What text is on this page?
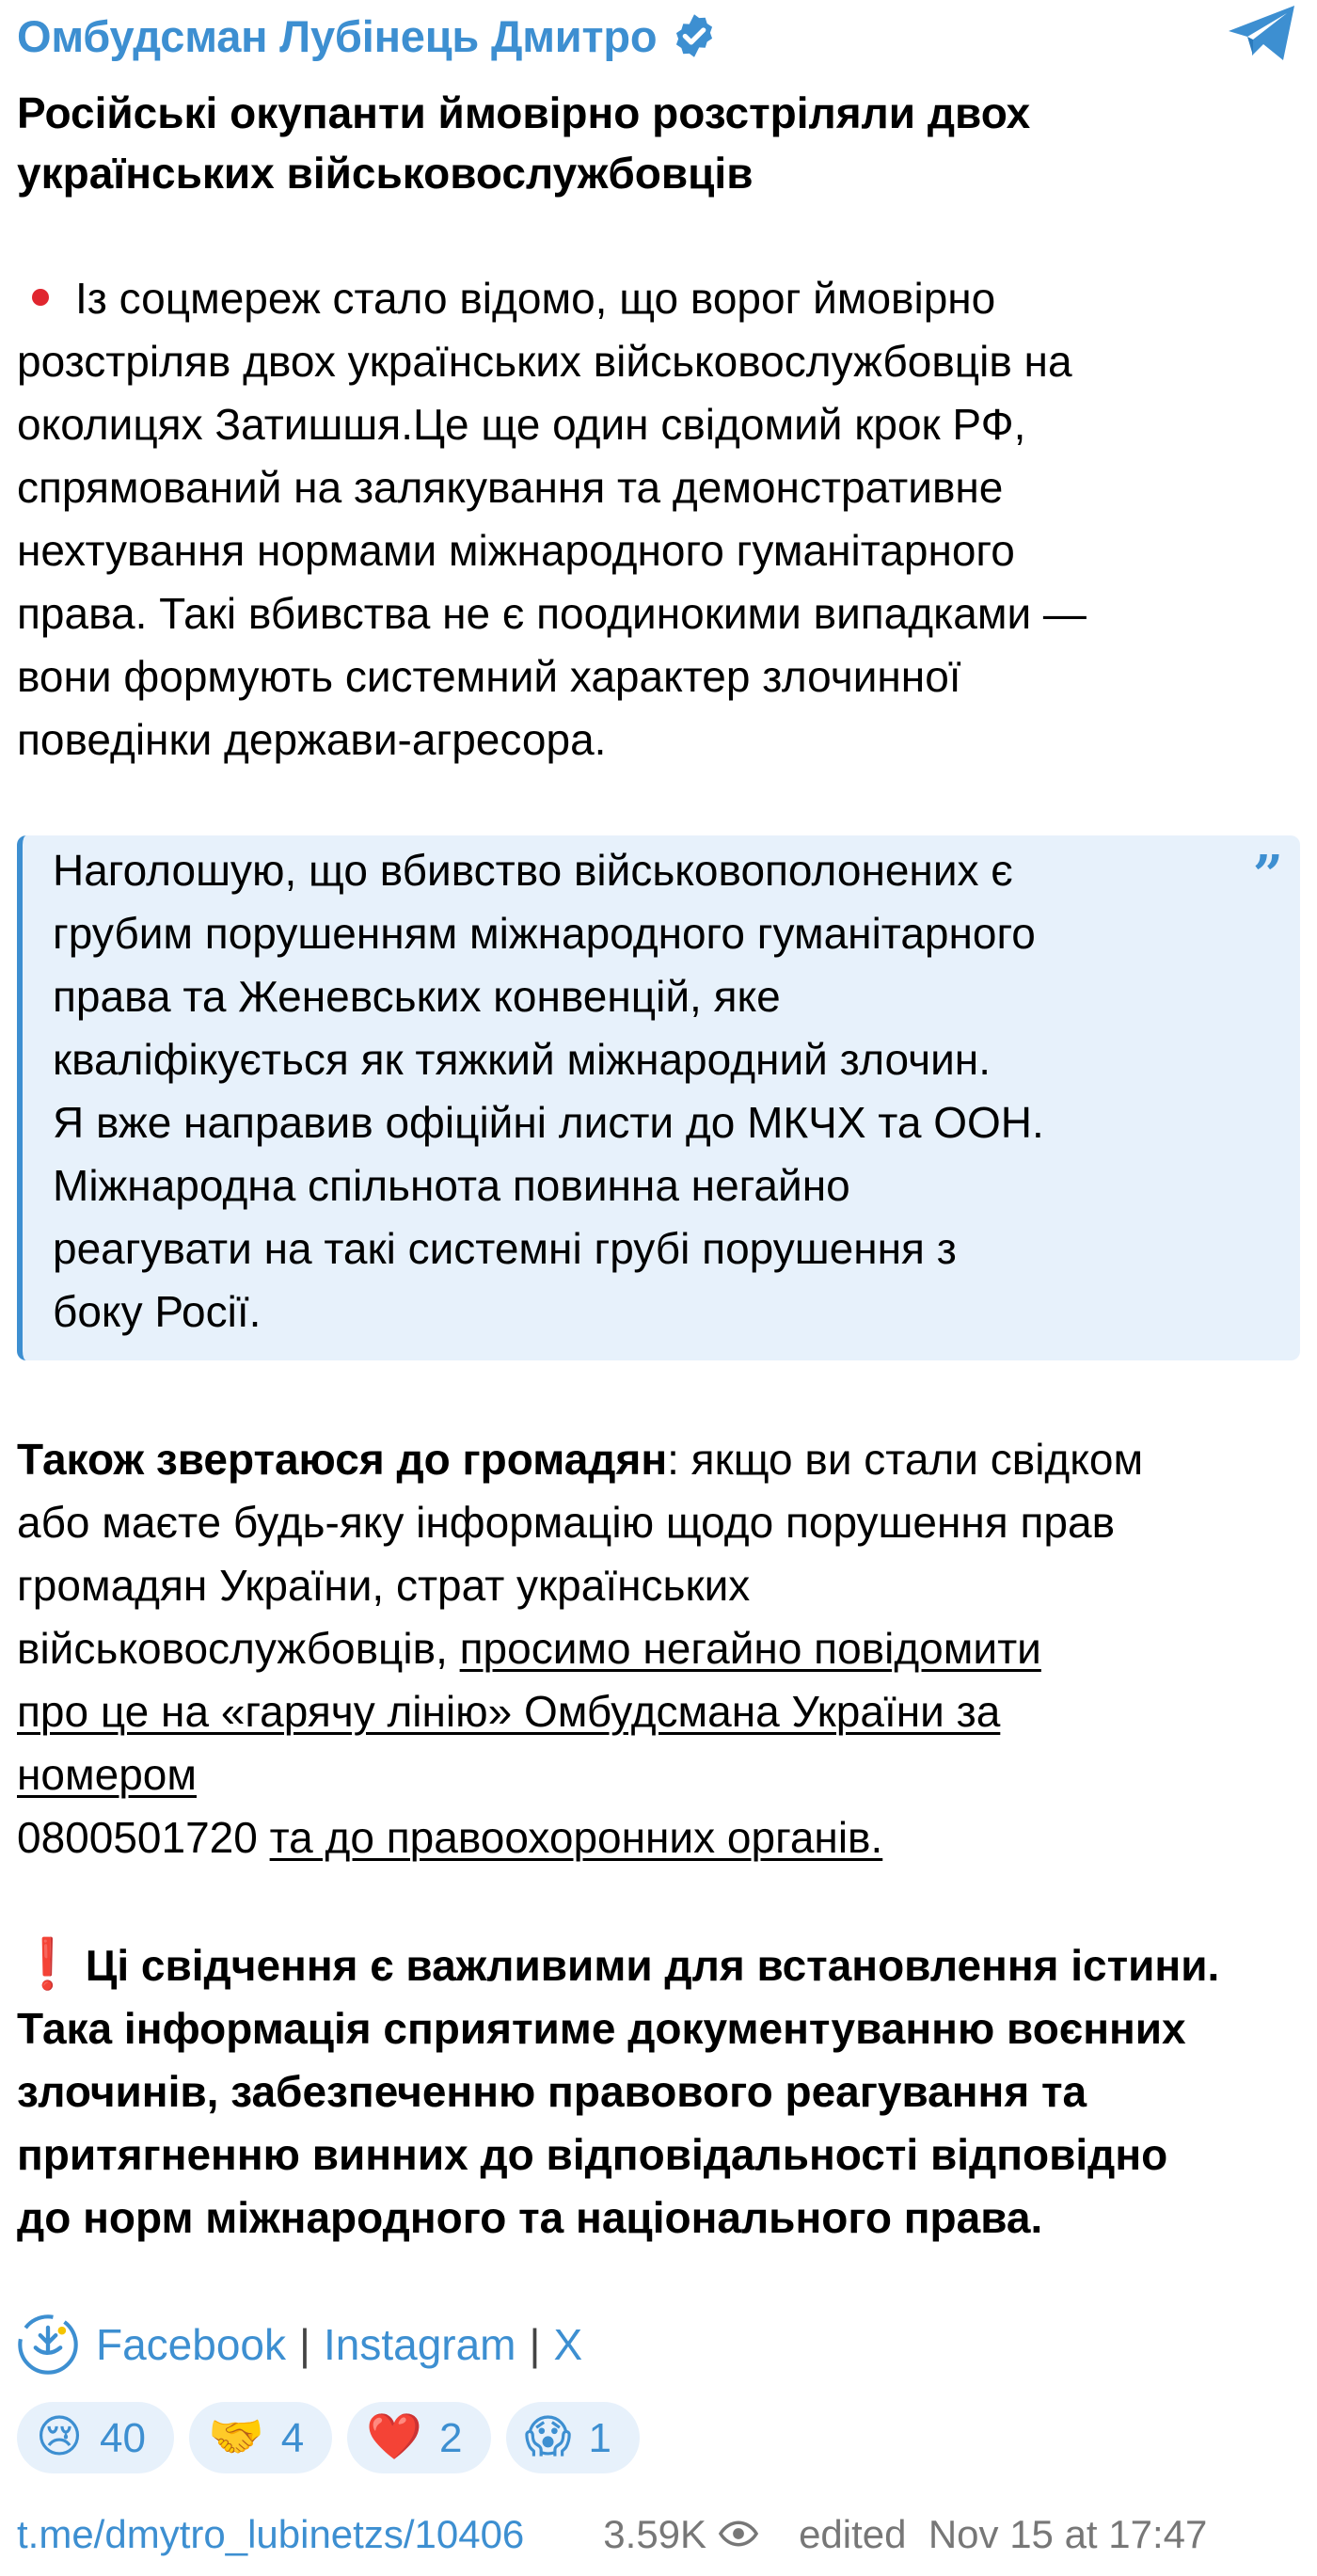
Омбудсман Лубінець Дмитро
Російські окупанти ймовірно розстріляли двох
українських військовослужбовців
Із соцмереж стало відомо, що ворог ймовірно
розстріляв двох українських військовослужбовців на
околицях Затишшя.Це ще один свідомий крок РФ,
спрямований на залякування та демонстративне
нехтування нормами міжнародного гуманітарного
права. Такі вбивства не є поодинокими випадками —
вони формують системний характер злочинної
поведінки держави-агресора.
”
Наголошую, що вбивство військовополонених є
грубим порушенням міжнародного гуманітарного
права та Женевських конвенцій, яке
кваліфікується як тяжкий міжнародний злочин.
Я вже направив офіційні листи до МКЧХ та ООН.
Міжнародна спільнота повинна негайно
реагувати на такі системні грубі порушення з
боку Росії.
Також звертаюся до громадян: якщо ви стали свідком
або маєте будь-яку інформацію щодо порушення прав
громадян України, страт українських
військовослужбовців, просимо негайно повідомити
про це на «гарячу лінію» Омбудсмана України за
номером
0800501720 та до правоохоронних органів.
❗ Ці свідчення є важливими для встановлення істини.
Така інформація сприятиме документуванню воєнних
злочинів, забезпеченню правового реагування та
притягненню винних до відповідальності відповідно
до норм міжнародного та національного права.
Facebook | Instagram | X
😢 40 🤝 4 ❤️ 2 😱 1
t.me/dmytro_lubinetzs/10406 3.59K edited  Nov 15 at 17:47
